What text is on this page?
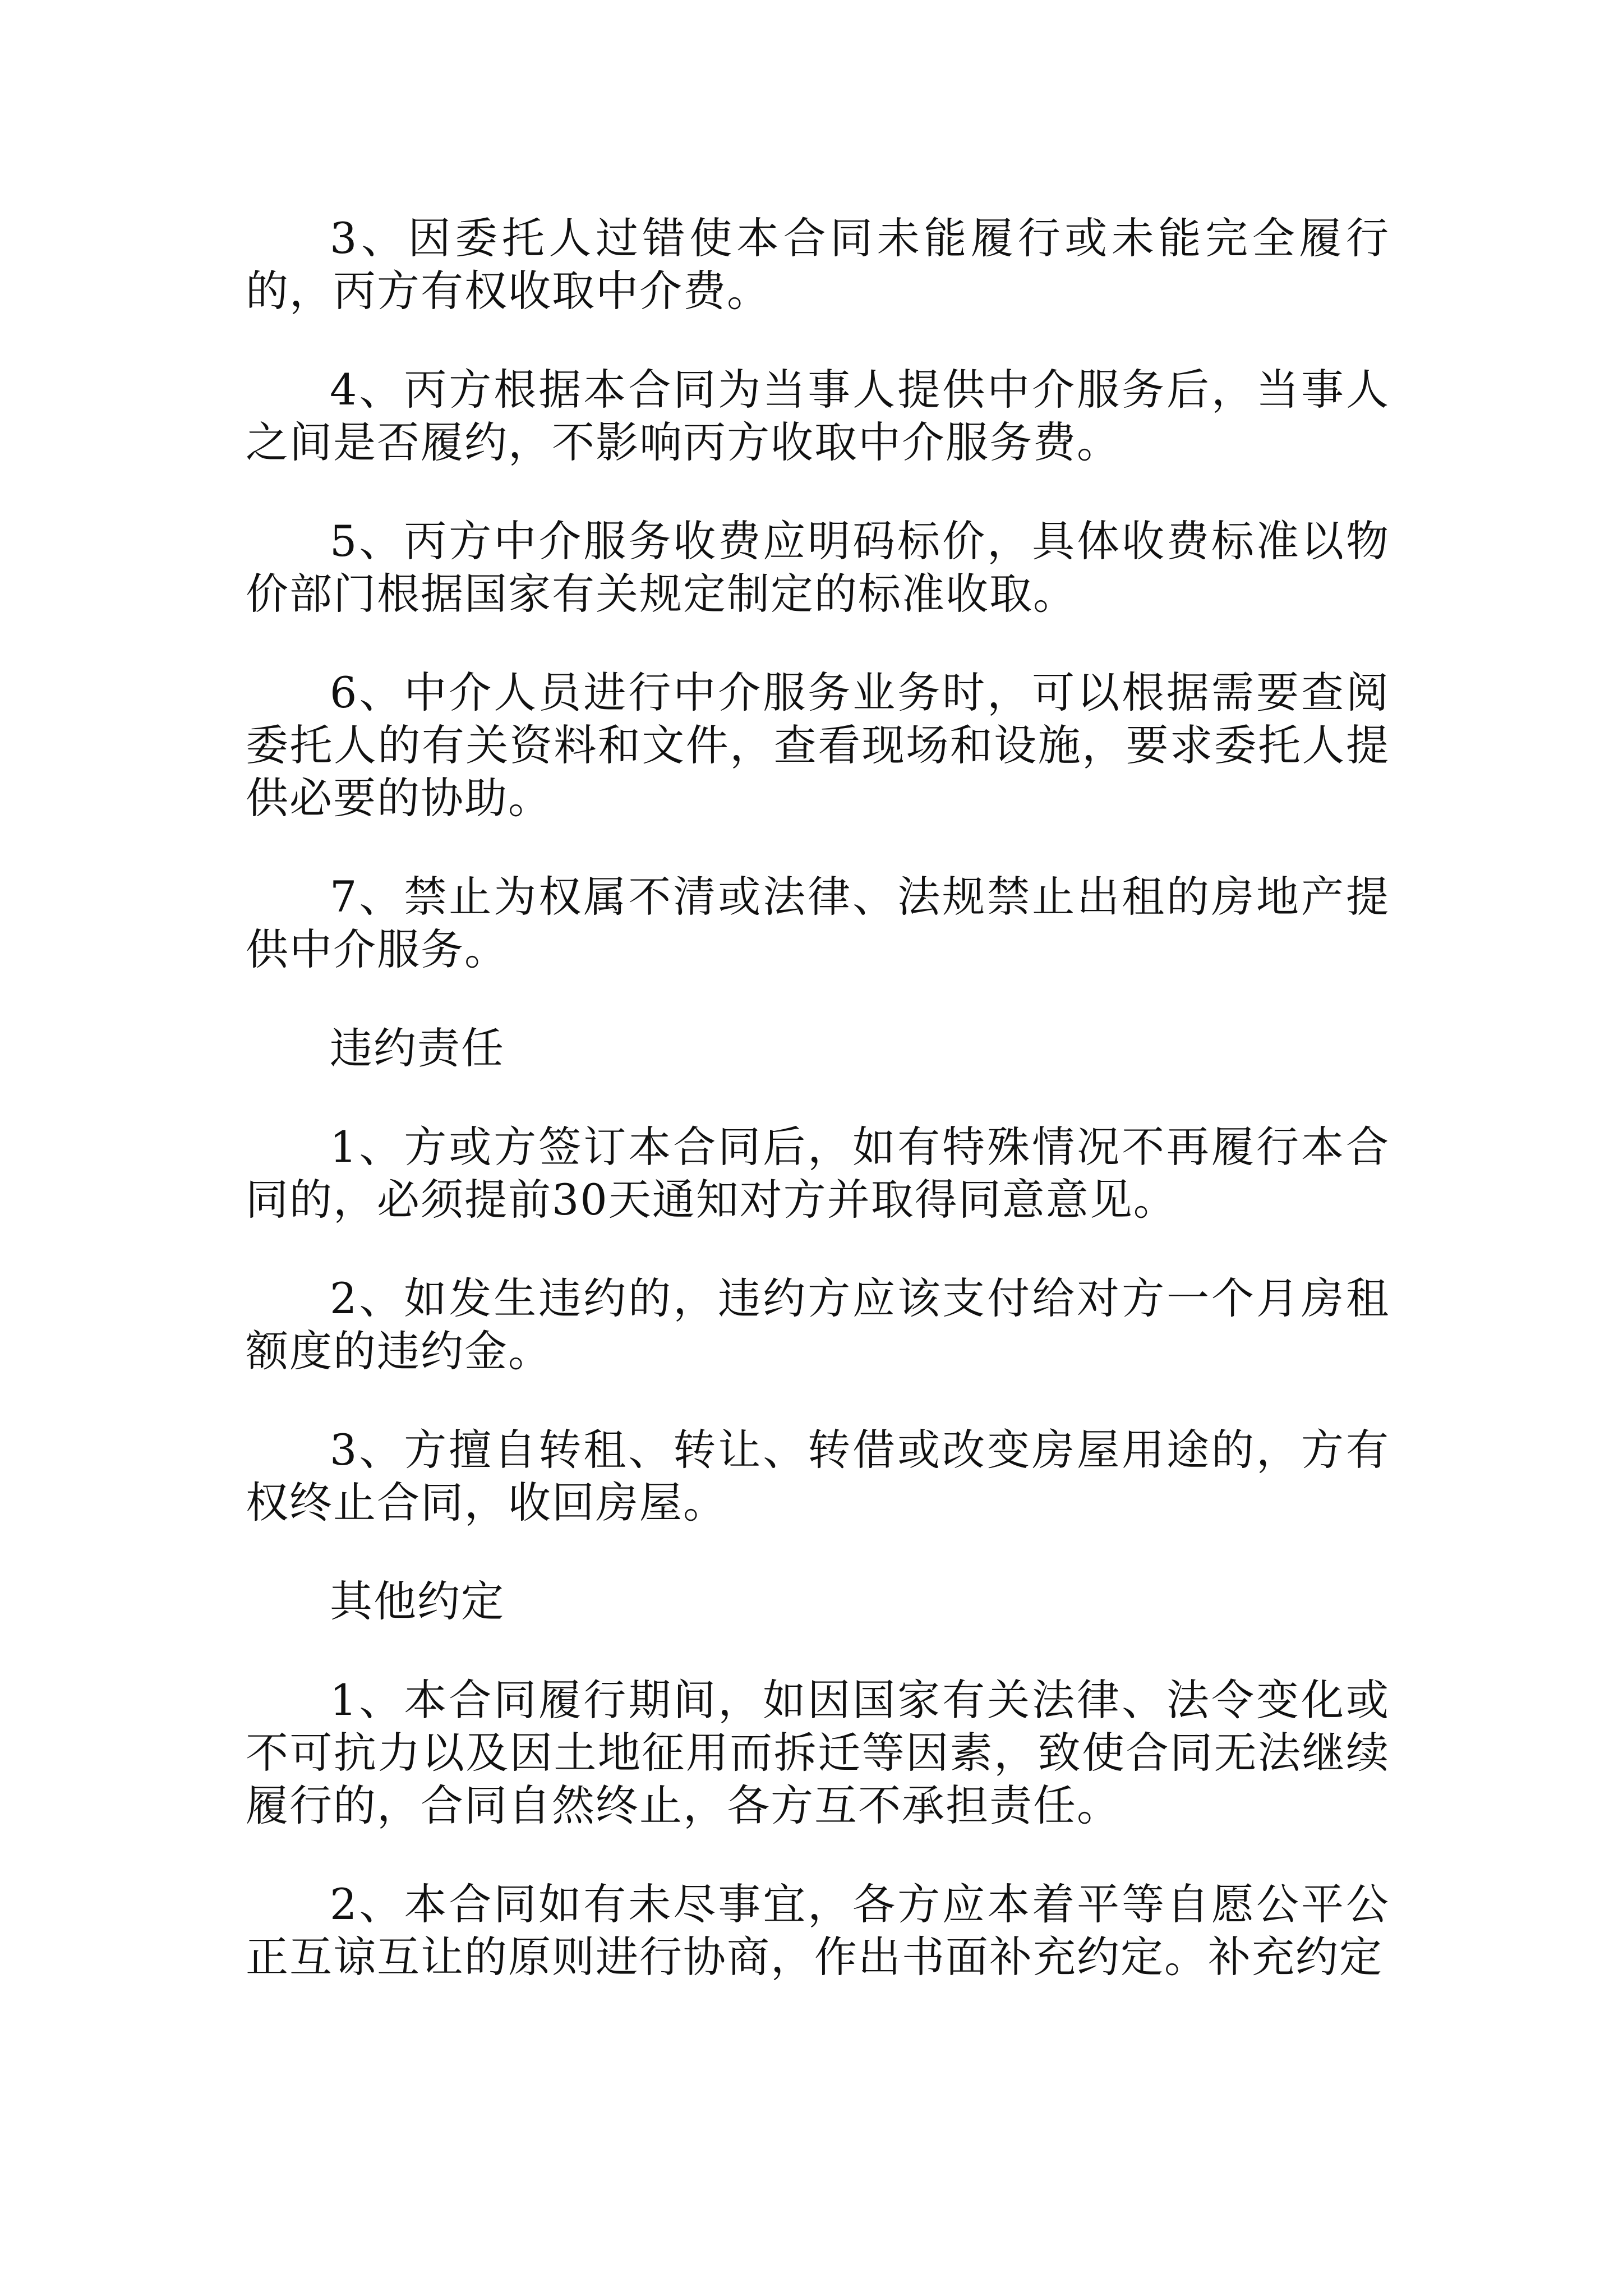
3、因委托人过错使本合同未能履行或未能完全履行的，丙方有权收取中介费。

4、丙方根据本合同为当事人提供中介服务后，当事人之间是否履约，不影响丙方收取中介服务费。

5、丙方中介服务收费应明码标价，具体收费标准以物价部门根据国家有关规定制定的标准收取。

6、中介人员进行中介服务业务时，可以根据需要查阅委托人的有关资料和文件，查看现场和设施，要求委托人提供必要的协助。

7、禁止为权属不清或法律、法规禁止出租的房地产提供中介服务。

违约责任

1、方或方签订本合同后，如有特殊情况不再履行本合同的，必须提前30天通知对方并取得同意意见。

2、如发生违约的，违约方应该支付给对方一个月房租额度的违约金。

3、方擅自转租、转让、转借或改变房屋用途的，方有权终止合同，收回房屋。

其他约定

1、本合同履行期间，如因国家有关法律、法令变化或不可抗力以及因土地征用而拆迁等因素，致使合同无法继续履行的，合同自然终止，各方互不承担责任。

2、本合同如有未尽事宜，各方应本着平等自愿公平公正互谅互让的原则进行协商，作出书面补充约定。补充约定
